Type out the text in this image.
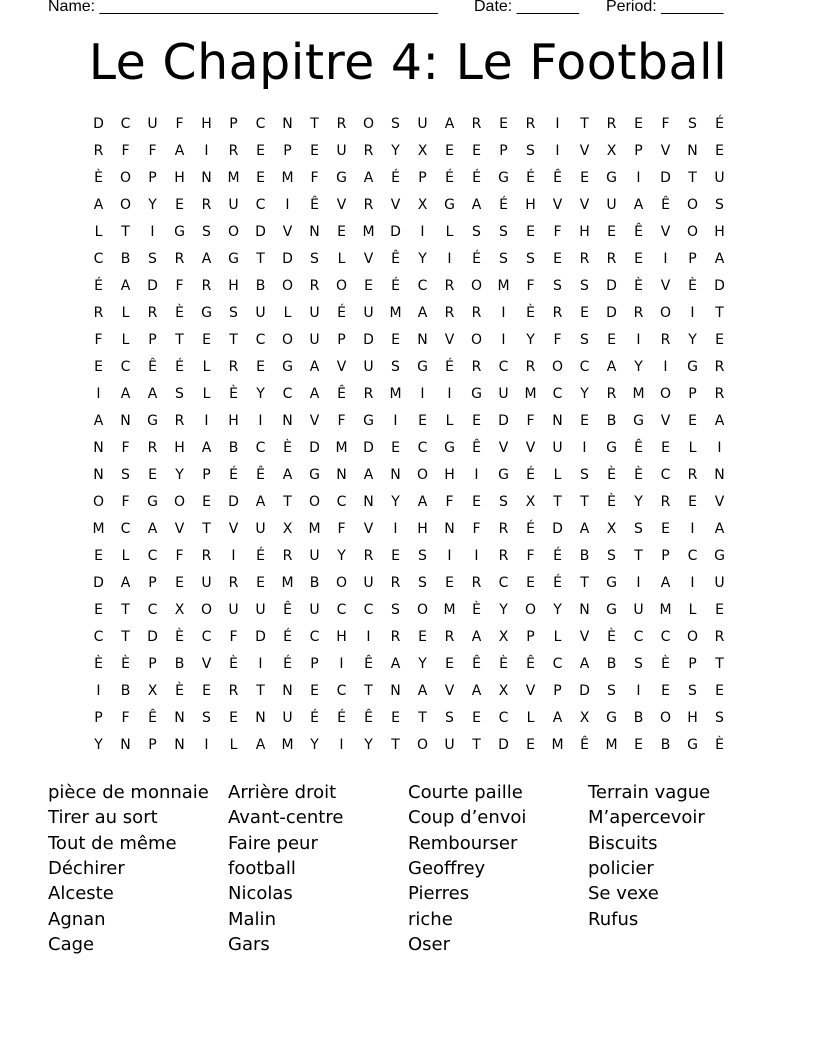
Name: ______________________________________ Date: _______ Period: _______
Le Chapitre 4: Le Football
D	C	U	F	H	P	C	N	T	R	O	S	U	A	R	E	R	I	T	R	E	F	S	É
R	F	F	A	I	R	E	P	E	U	R	Y	X	E	E	P	S	I	V	X	P	V	N	E
È	O	P	H	N	M	E	M	F	G	A	É	P	É	É	G	É	Ê	E	G	I	D	T	U
A	O	Y	E	R	U	C	I	Ê	V	R	V	X	G	A	É	H	V	V	U	A	Ê	O	S
L	T	I	G	S	O	D	V	N	E	M	D	I	L	S	S	E	F	H	E	Ê	V	O	H
C	B	S	R	A	G	T	D	S	L	V	Ê	Y	I	É	S	S	E	R	R	E	I	P	A
É	A	D	F	R	H	B	O	R	O	E	É	C	R	O	M	F	S	S	D	È	V	È	D
R	L	R	È	G	S	U	L	U	É	U	M	A	R	R	I	È	R	E	D	R	O	I	T
F	L	P	T	E	T	C	O	U	P	D	E	N	V	O	I	Y	F	S	E	I	R	Y	E
E	C	Ê	É	L	R	E	G	A	V	U	S	G	É	R	C	R	O	C	A	Y	I	G	R
I	A	A	S	L	È	Y	C	A	Ê	R	M	I	I	G	U	M	C	Y	R	M	O	P	R
A	N	G	R	I	H	I	N	V	F	G	I	E	L	E	D	F	N	E	B	G	V	E	A
N	F	R	H	A	B	C	È	D	M	D	E	C	G	Ê	V	V	U	I	G	Ê	E	L	I
N	S	E	Y	P	É	Ê	A	G	N	A	N	O	H	I	G	É	L	S	È	È	C	R	N
O	F	G	O	E	D	A	T	O	C	N	Y	A	F	E	S	X	T	T	È	Y	R	E	V
M	C	A	V	T	V	U	X	M	F	V	I	H	N	F	R	É	D	A	X	S	E	I	A
E	L	C	F	R	I	É	R	U	Y	R	E	S	I	I	R	F	É	B	S	T	P	C	G
D	A	P	E	U	R	E	M	B	O	U	R	S	E	R	C	E	É	T	G	I	A	I	U
E	T	C	X	O	U	U	Ê	U	C	C	S	O	M	È	Y	O	Y	N	G	U	M	L	E
C	T	D	È	C	F	D	É	C	H	I	R	E	R	A	X	P	L	V	È	C	C	O	R
È	È	P	B	V	È	I	É	P	I	Ê	A	Y	E	Ê	È	Ê	C	A	B	S	È	P	T
I	B	X	È	E	R	T	N	E	C	T	N	A	V	A	X	V	P	D	S	I	E	S	E
P	F	Ê	N	S	E	N	U	É	É	Ê	E	T	S	E	C	L	A	X	G	B	O	H	S
Y	N	P	N	I	L	A	M	Y	I	Y	T	O	U	T	D	E	M	Ê	M	E	B	G	È
pièce de monnaie
Tirer au sort
Tout de même
Déchirer
Alceste
Agnan
Cage
Arrière droit
Avant-centre
Faire peur
football
Nicolas
Malin
Gars
Courte paille
Coup d’envoi
Rembourser
Geoffrey
Pierres
riche
Oser
Terrain vague
M’apercevoir
Biscuits
policier
Se vexe
Rufus
